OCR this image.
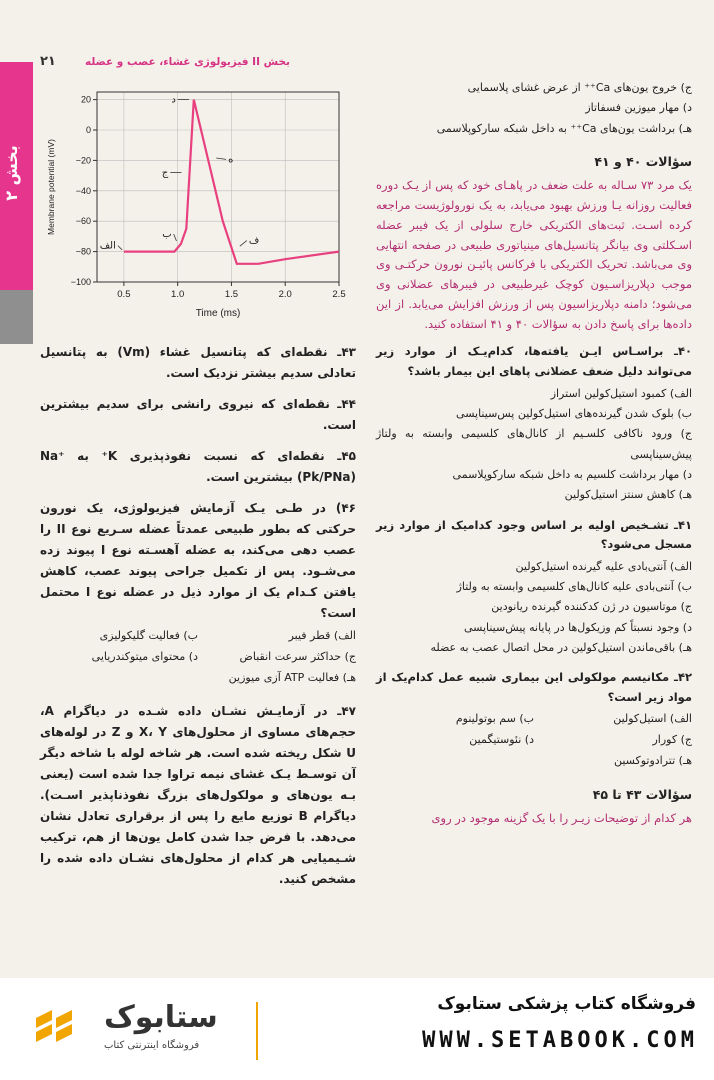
۲۱	بخش II فیزیولوژی غشاء، عصب و عضله
بخش ۲
20
0
−20
−40
−60
−80
−100
0.5	1.0	1.5	2.0	2.5
الف
ب
ج
د
ه
ف
Membrane potential (mV)
Time (ms)

۴۳ـ نقطه‌ای که پتانسیل غشاء (Vm) به پتانسیل تعادلی سدیم بیشتر نزدیک است.

۴۴ـ نقطه‌ای که نیروی رانشی برای سدیم بیشترین است.

۴۵ـ نقطه‌ای که نسبت نفوذپذیری K⁺ به Na⁺ (Pk/PNa) بیشترین است.

۴۶) در طـی یـک آزمایش فیزیولوژی، یک نورون حرکتی که بطور طبیعی عمدتاً عضله سـریع نوع II را عصب دهی می‌کند، به عضله آهسـته نوع I پیوند زده می‌شـود. پس از تکمیل جراحی پیوند عصب، کاهش یافتن کـدام یک از موارد ذیل در عضله نوع I محتمل است؟

الف) قطر فیبر
ب) فعالیت گلیکولیزی
ج) حداکثر سرعت انقباض
د) محتوای میتوکندریایی
هـ) فعالیت ATP آزی میوزین

۴۷ـ در آزمایـش نشـان داده شـده در دیاگرام A، حجم‌های مساوی از محلول‌های X، Y و Z در لوله‌های U شکل ریخته شده است. هر شاخه لوله با شاخه دیگر آن توسـط یـک غشای نیمه تراوا جدا شده است (یعنی بـه یون‌های و مولکول‌های بزرگ نفوذناپذیر اسـت). دیاگرام B توزیع مایع را پس از برقراری تعادل نشان می‌دهد. با فرض جدا شدن کامل یون‌ها از هم، ترکیب شـیمیایی هر کدام از محلول‌های نشـان داده شده را مشخص کنید.

ج) خروج یون‌های Ca⁺⁺ از عرض غشای پلاسمایی
د) مهار میوزین فسفاتاز
هـ) برداشت یون‌های Ca⁺⁺ به داخل شبکه سارکوپلاسمی
سؤالات ۴۰ و ۴۱
یک مرد ۷۳ سـاله به علت ضعف در پاهـای خود که پس از یـک دوره فعالیت روزانه یـا ورزش بهبود می‌یابد، به یک نورولوژیست مراجعه کرده اسـت. ثبت‌های الکتریکی خارج سلولی از یک فیبر عضله اسـکلتی وی بیانگر پتانسیل‌های مینیاتوری طبیعی در صفحه انتهایی وی می‌باشد. تحریک الکتریکی با فرکانس پائیـن نورون حرکتـی وی موجب دپلاریزاسـیون کوچک غیرطبیعی در فیبرهای عضلانی وی می‌شود؛ دامنه دپلاریزاسیون پس از ورزش افزایش می‌یابد. از این داده‌ها برای پاسخ دادن به سؤالات ۴۰ و ۴۱ استفاده کنید.

۴۰ـ براسـاس ایـن یافته‌ها، کدام‌یـک از موارد زیر می‌تواند دلیل ضعف عضلانی پاهای این بیمار باشد؟

الف) کمبود استیل‌کولین استراز
ب) بلوک شدن گیرنده‌های استیل‌کولین پس‌سیناپسی
ج) ورود ناکافی کلسـیم از کانال‌های کلسیمی وابسته به ولتاژ پیش‌سیناپسی
د) مهار برداشت کلسیم به داخل شبکه سارکوپلاسمی
هـ) کاهش سنتز استیل‌کولین

۴۱ـ تشـخیص اولیه بر اساس وجود کدامیک از موارد زیر مسجل می‌شود؟

الف) آنتی‌بادی علیه گیرنده استیل‌کولین
ب) آنتی‌بادی علیه کانال‌های کلسیمی وابسته به ولتاژ
ج) موتاسیون در ژن کدکننده گیرنده ریانودین
د) وجود نسبتاً کم وزیکول‌ها در پایانه پیش‌سیناپسی
هـ) باقی‌ماندن استیل‌کولین در محل اتصال عصب به عضله

۴۲ـ مکانیسم مولکولی این بیماری شبیه عمل کدام‌یک از مواد زیر است؟

الف) استیل‌کولین
ب) سم بوتولینوم
ج) کورار
د) نئوستیگمین
هـ) تترادوتوکسین
سؤالات ۴۳ تا ۴۵
هر کدام از توضیحات زیـر را با یک گزینه موجود در روی
ستابوک
فروشگاه اینترنتی کتاب
فروشگاه کتاب پزشکی ستابوک
WWW.SETABOOK.COM
